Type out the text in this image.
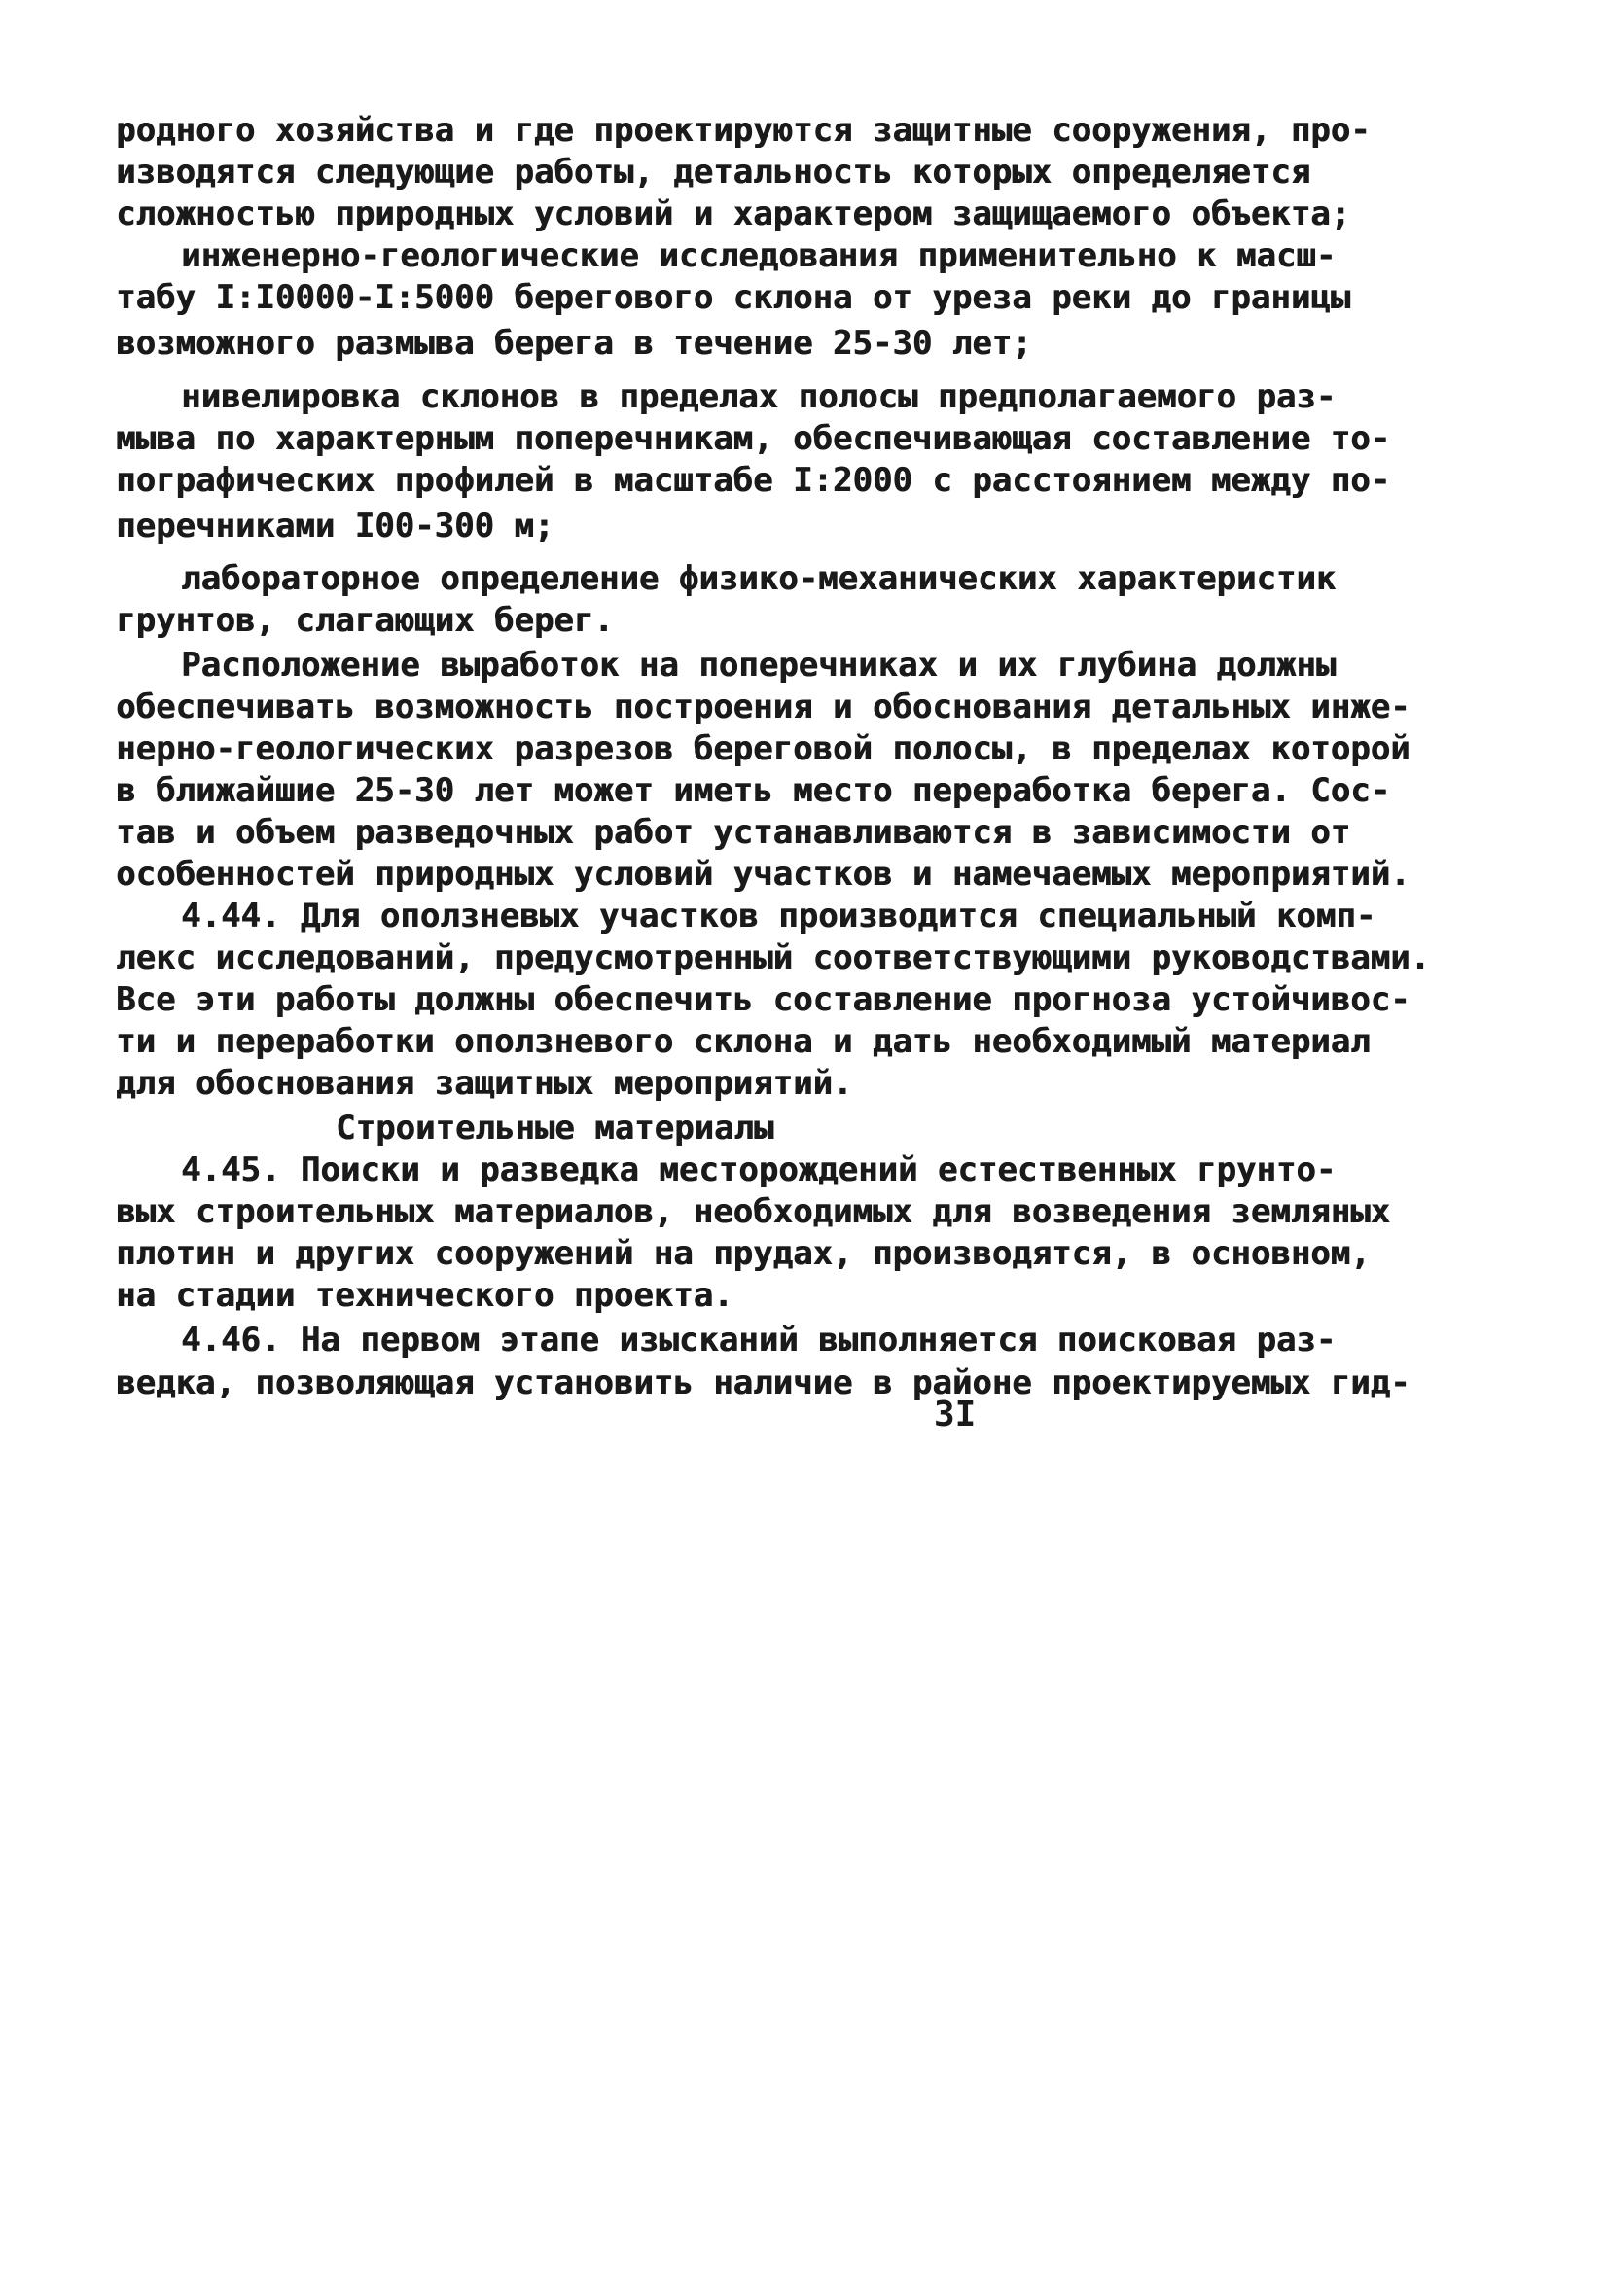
родного хозяйства и где проектируются защитные сооружения, про-
изводятся следующие работы, детальность которых определяется
сложностью природных условий и характером защищаемого объекта;
инженерно-геологические исследования применительно к масш-
табу I:I0000-I:5000 берегового склона от уреза реки до границы
возможного размыва берега в течение 25-30 лет;
нивелировка склонов в пределах полосы предполагаемого раз-
мыва по характерным поперечникам, обеспечивающая составление то-
пографических профилей в масштабе I:2000 с расстоянием между по-
перечниками I00-300 м;
лабораторное определение физико-механических характеристик
грунтов, слагающих берег.
Расположение выработок на поперечниках и их глубина должны
обеспечивать возможность построения и обоснования детальных инже-
нерно-геологических разрезов береговой полосы, в пределах которой
в ближайшие 25-30 лет может иметь место переработка берега. Сос-
тав и объем разведочных работ устанавливаются в зависимости от
особенностей природных условий участков и намечаемых мероприятий.
4.44. Для оползневых участков производится специальный комп-
лекс исследований, предусмотренный соответствующими руководствами.
Все эти работы должны обеспечить составление прогноза устойчивос-
ти и переработки оползневого склона и дать необходимый материал
для обоснования защитных мероприятий.
Строительные материалы
4.45. Поиски и разведка месторождений естественных грунто-
вых строительных материалов, необходимых для возведения земляных
плотин и других сооружений на прудах, производятся, в основном,
на стадии технического проекта.
4.46. На первом этапе изысканий выполняется поисковая раз-
ведка, позволяющая установить наличие в районе проектируемых гид-
3I
